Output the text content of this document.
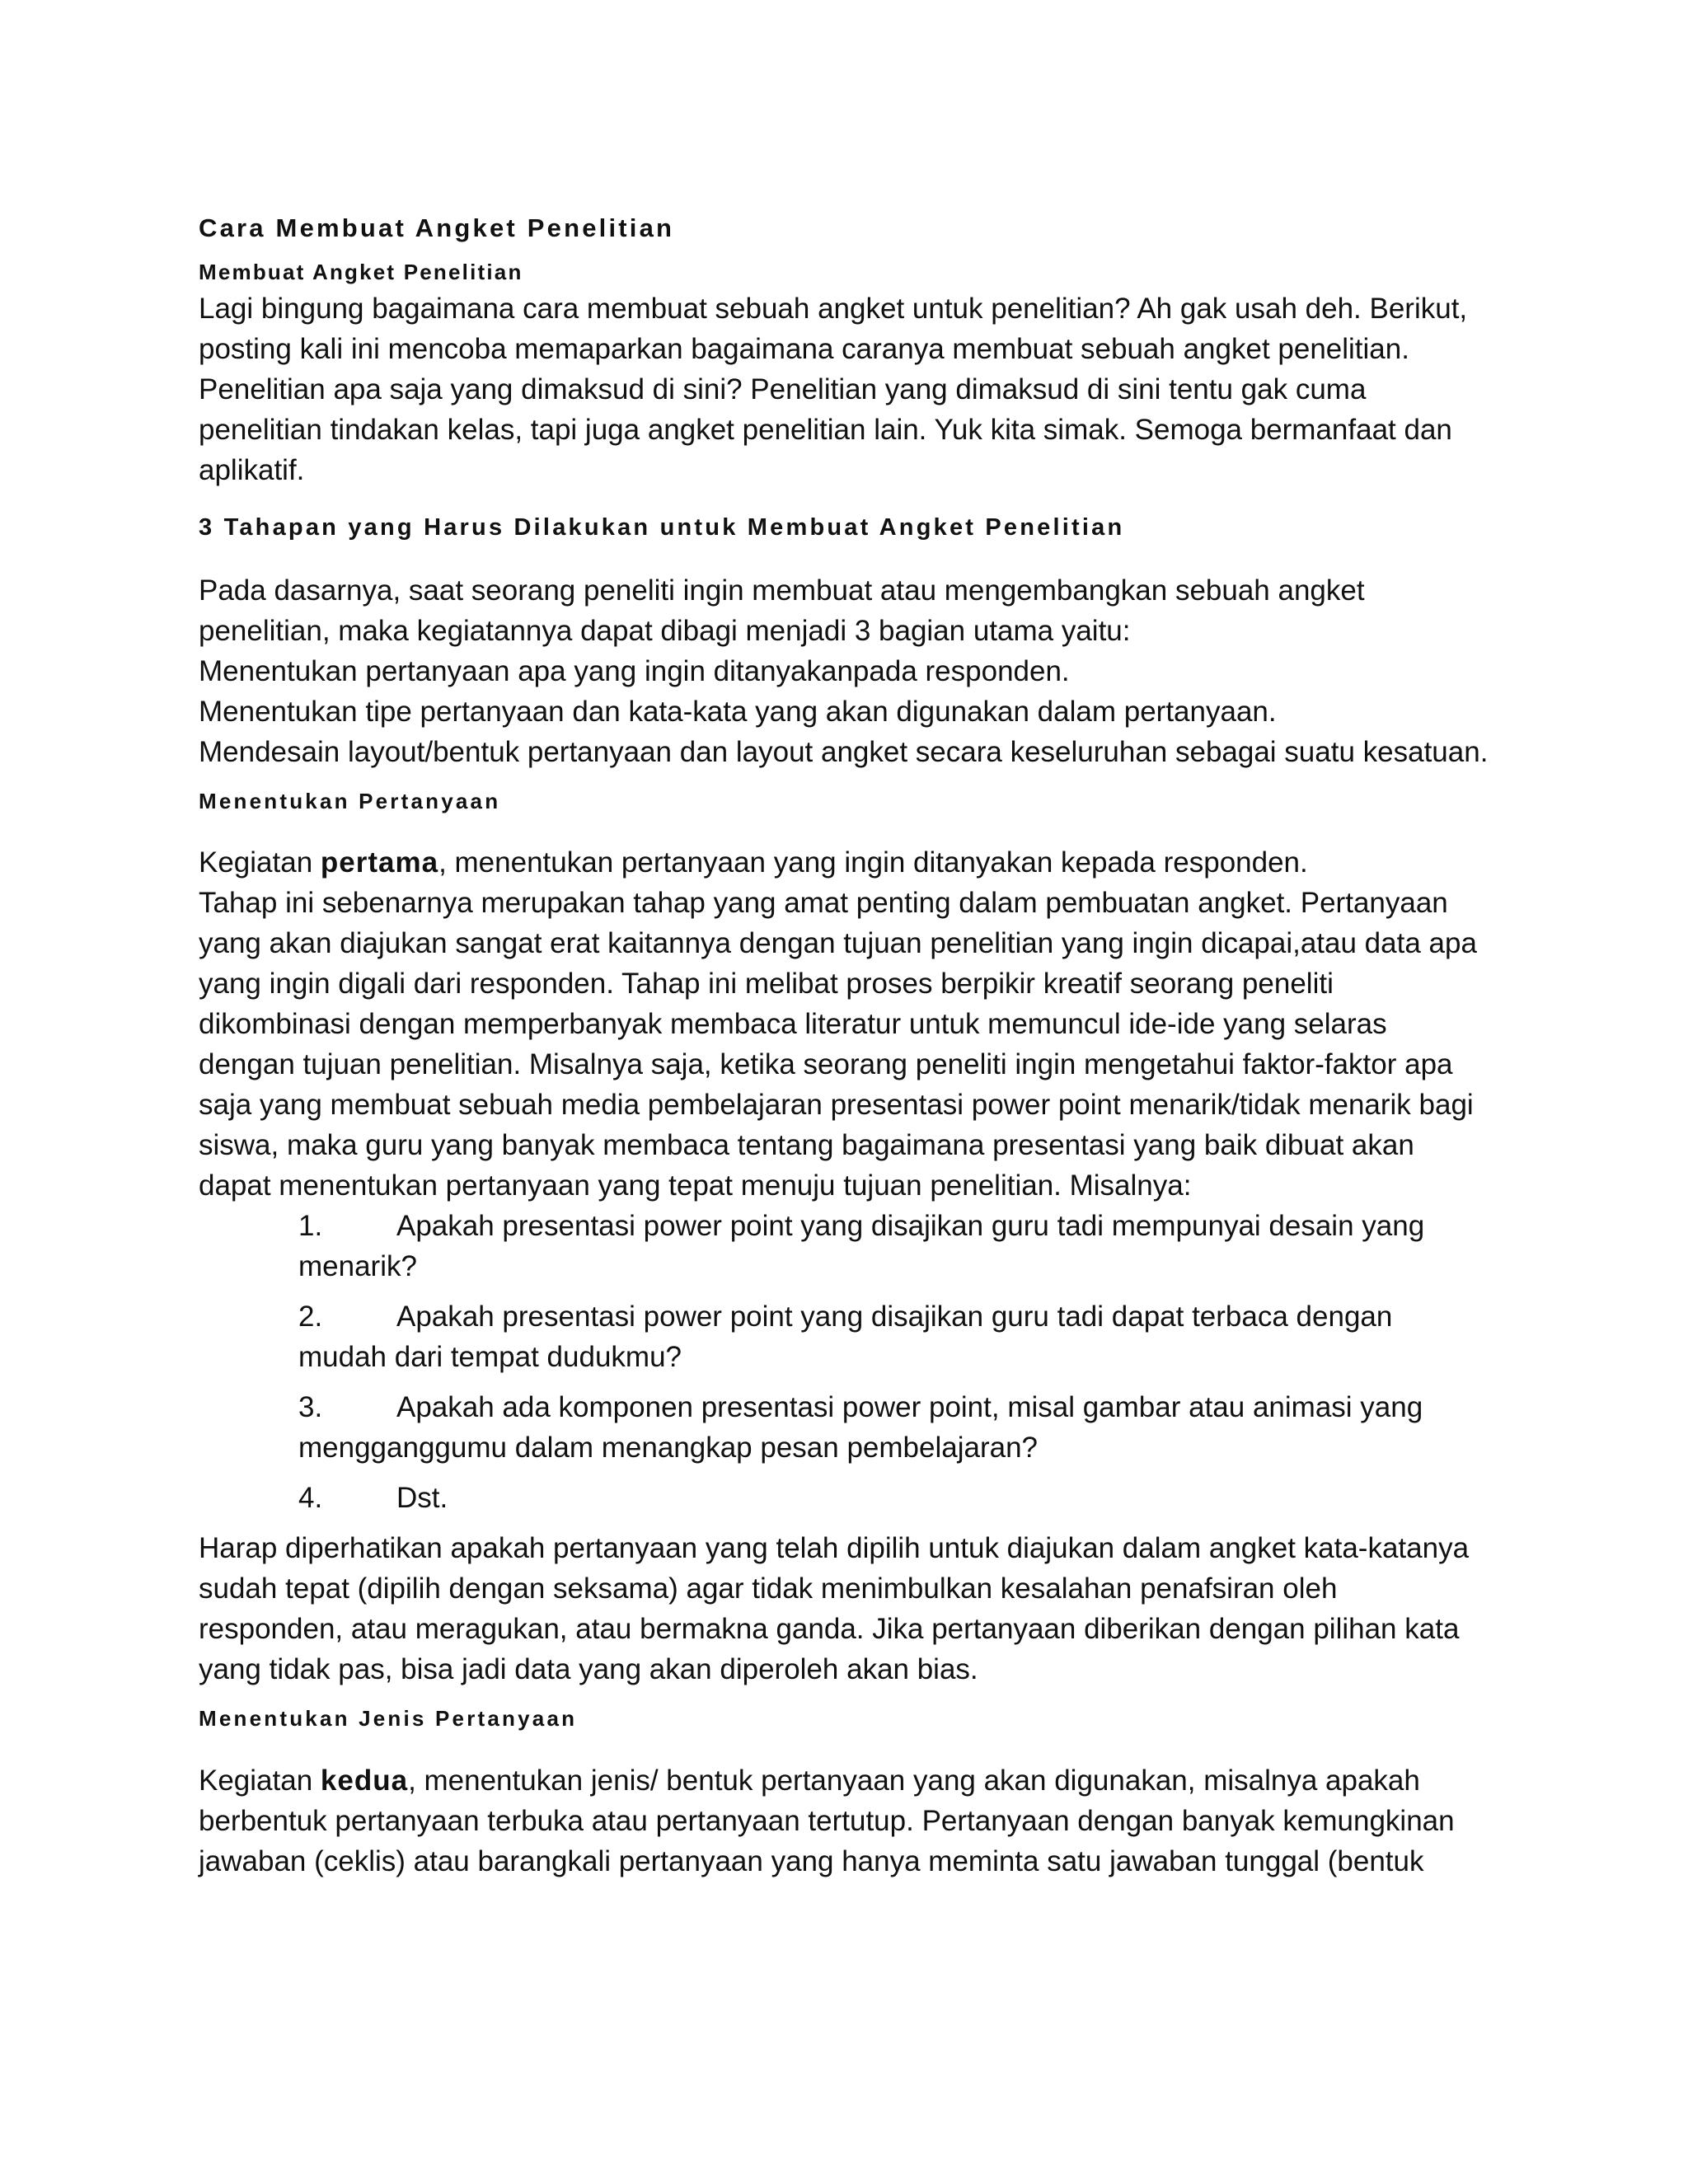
Cara Membuat Angket Penelitian
Membuat Angket Penelitian

Lagi bingung bagaimana cara membuat sebuah angket untuk penelitian? Ah gak usah deh. Berikut, posting kali ini mencoba memaparkan bagaimana caranya membuat sebuah angket penelitian. Penelitian apa saja yang dimaksud di sini? Penelitian yang dimaksud di sini tentu gak cuma penelitian tindakan kelas, tapi juga angket penelitian lain. Yuk kita simak. Semoga bermanfaat dan aplikatif.

3 Tahapan yang Harus Dilakukan untuk Membuat Angket Penelitian

Pada dasarnya, saat seorang peneliti ingin membuat atau mengembangkan sebuah angket penelitian, maka kegiatannya dapat dibagi menjadi 3 bagian utama yaitu:

Menentukan pertanyaan apa yang ingin ditanyakanpada responden.

Menentukan tipe pertanyaan dan kata-kata yang akan digunakan dalam pertanyaan.

Mendesain layout/bentuk pertanyaan dan layout angket secara keseluruhan sebagai suatu kesatuan.

Menentukan Pertanyaan

Kegiatan pertama, menentukan pertanyaan yang ingin ditanyakan kepada responden.

Tahap ini sebenarnya merupakan tahap yang amat penting dalam pembuatan angket. Pertanyaan yang akan diajukan sangat erat kaitannya dengan tujuan penelitian yang ingin dicapai,atau data apa yang ingin digali dari responden. Tahap ini melibat proses berpikir kreatif seorang peneliti dikombinasi dengan memperbanyak membaca literatur untuk memuncul ide-ide yang selaras dengan tujuan penelitian. Misalnya saja, ketika seorang peneliti ingin mengetahui faktor-faktor apa saja yang membuat sebuah media pembelajaran presentasi power point menarik/tidak menarik bagi siswa, maka guru yang banyak membaca tentang bagaimana presentasi yang baik dibuat akan dapat menentukan pertanyaan yang tepat menuju tujuan penelitian. Misalnya:

1.	Apakah presentasi power point yang disajikan guru tadi mempunyai desain yang menarik?
2.	Apakah presentasi power point yang disajikan guru tadi dapat terbaca dengan mudah dari tempat dudukmu?
3.	Apakah ada komponen presentasi power point, misal gambar atau animasi yang mengganggumu dalam menangkap pesan pembelajaran?
4.	Dst.

Harap diperhatikan apakah pertanyaan yang telah dipilih untuk diajukan dalam angket kata-katanya sudah tepat (dipilih dengan seksama) agar tidak menimbulkan kesalahan penafsiran oleh responden, atau meragukan, atau bermakna ganda. Jika pertanyaan diberikan dengan pilihan kata yang tidak pas, bisa jadi data yang akan diperoleh akan bias.

Menentukan Jenis Pertanyaan

Kegiatan kedua, menentukan jenis/ bentuk pertanyaan yang akan digunakan, misalnya apakah berbentuk pertanyaan terbuka atau pertanyaan tertutup. Pertanyaan dengan banyak kemungkinan jawaban (ceklis) atau barangkali pertanyaan yang hanya meminta satu jawaban tunggal (bentuk
